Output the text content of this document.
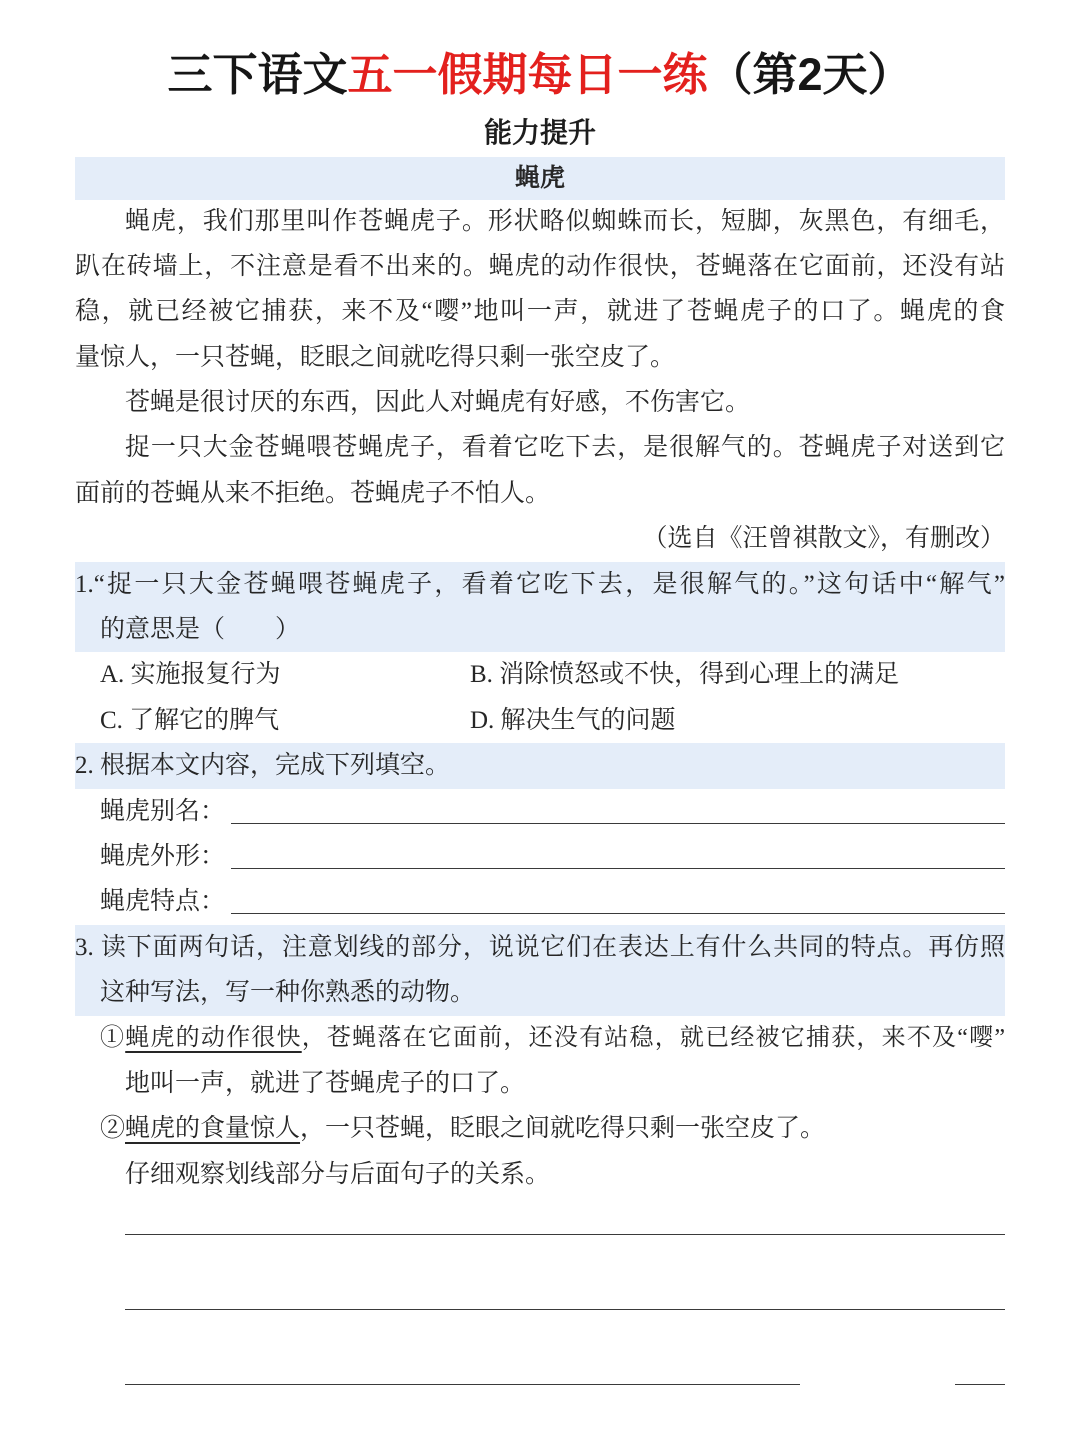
三下语文五一假期每日一练（第2天）
能力提升
蝇虎
蝇虎，我们那里叫作苍蝇虎子。形状略似蜘蛛而长，短脚，灰黑色，有细毛，
趴在砖墙上，不注意是看不出来的。蝇虎的动作很快，苍蝇落在它面前，还没有站
稳，就已经被它捕获，来不及“嘤”地叫一声，就进了苍蝇虎子的口了。蝇虎的食
量惊人，一只苍蝇，眨眼之间就吃得只剩一张空皮了。
苍蝇是很讨厌的东西，因此人对蝇虎有好感，不伤害它。
捉一只大金苍蝇喂苍蝇虎子，看着它吃下去，是很解气的。苍蝇虎子对送到它
面前的苍蝇从来不拒绝。苍蝇虎子不怕人。
（选自《汪曾祺散文》，有删改）
1.“捉一只大金苍蝇喂苍蝇虎子，看着它吃下去，是很解气的。”这句话中“解气”
的意思是（　　）
A. 实施报复行为	B. 消除愤怒或不快，得到心理上的满足
C. 了解它的脾气	D. 解决生气的问题
2. 根据本文内容，完成下列填空。
蝇虎别名：
蝇虎外形：
蝇虎特点：
3. 读下面两句话，注意划线的部分，说说它们在表达上有什么共同的特点。再仿照
这种写法，写一种你熟悉的动物。
①蝇虎的动作很快，苍蝇落在它面前，还没有站稳，就已经被它捕获，来不及“嘤”
地叫一声，就进了苍蝇虎子的口了。
②蝇虎的食量惊人，一只苍蝇，眨眼之间就吃得只剩一张空皮了。
仔细观察划线部分与后面句子的关系。
